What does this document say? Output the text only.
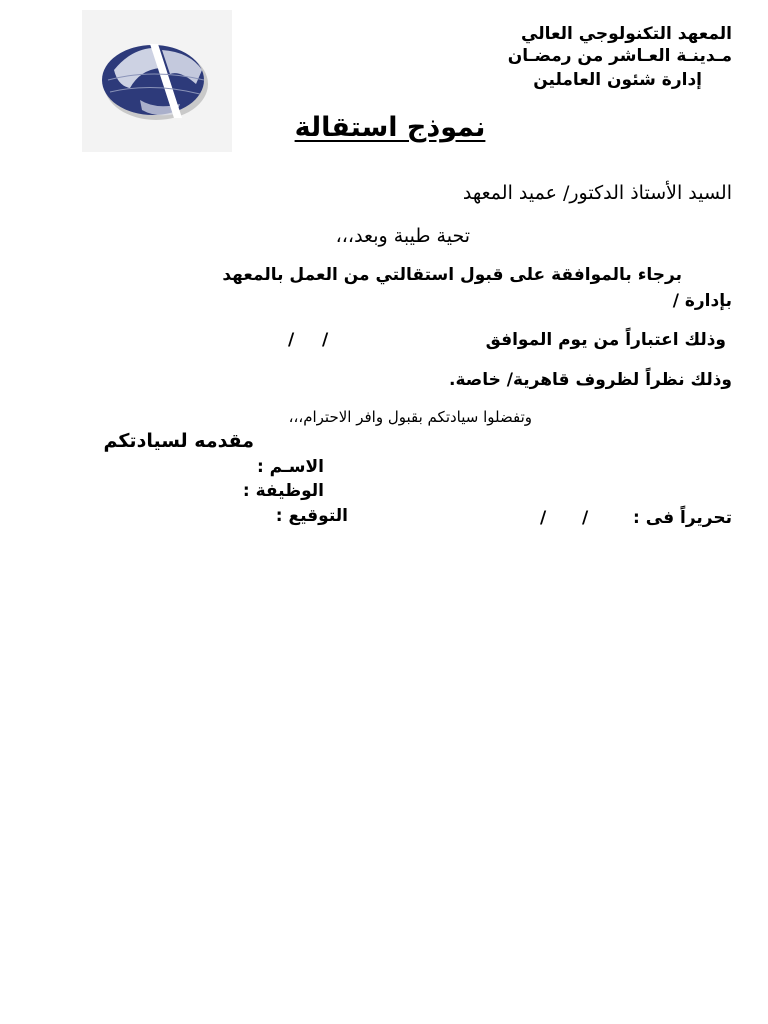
المعهد التكنولوجي العالي
مـدينـة العـاشر من رمضـان
إدارة شئون العاملين
نموذج استقالة
السيد الأستاذ الدكتور/ عميد المعهد
تحية طيبة وبعد،،،
برجاء بالموافقة على قبول استقالتي من العمل بالمعهد
بإدارة /
وذلك اعتباراً من يوم الموافق
/
/
وذلك نظراً لظروف قاهرية/ خاصة.
وتفضلوا سيادتكم بقبول وافر الاحترام،،،
مقدمه لسيادتكم
الاسـم :
الوظيفة :
التوقيع :	تحريراً فى :
/
/
